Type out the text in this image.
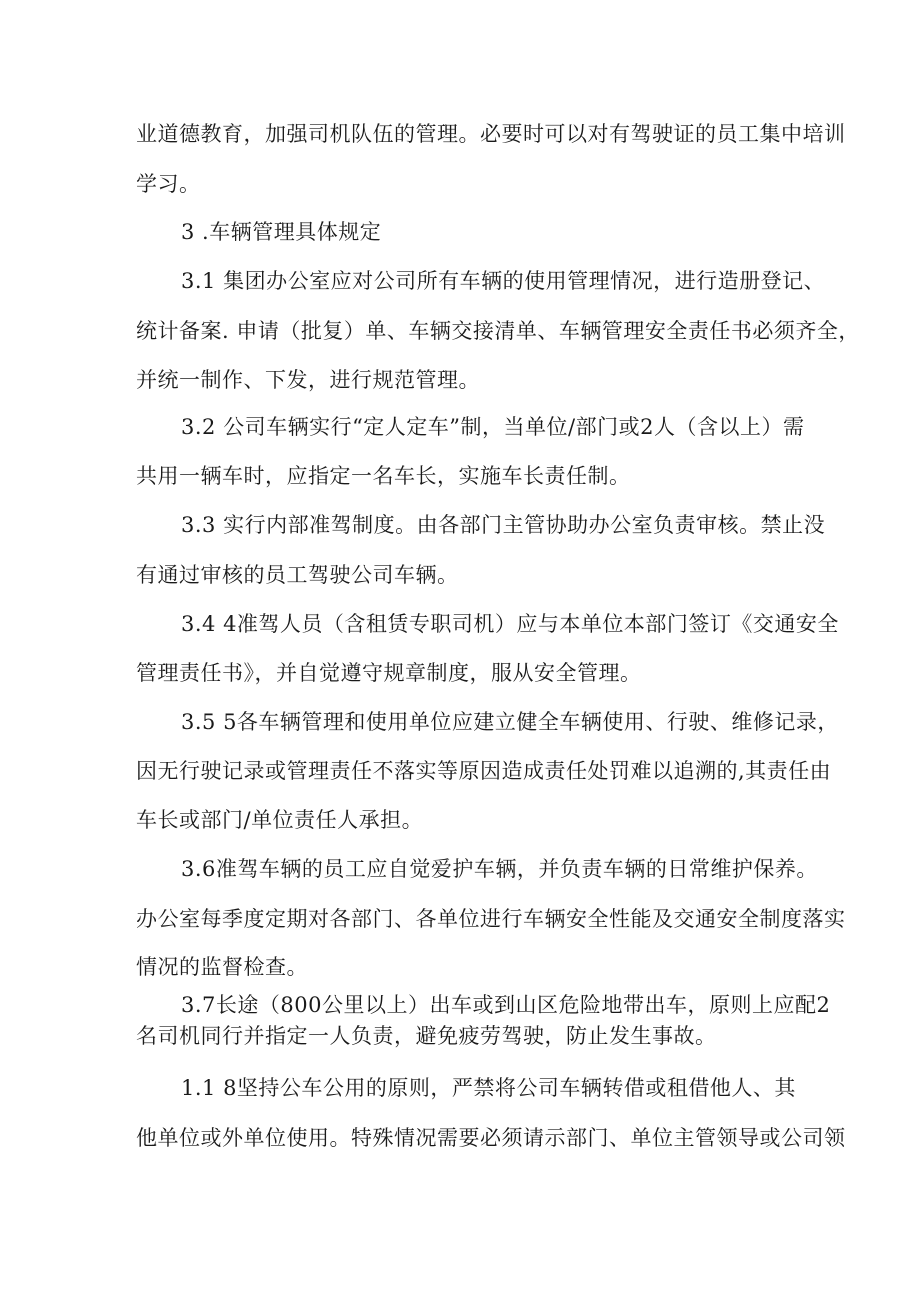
业道德教育，加强司机队伍的管理。必要时可以对有驾驶证的员工集中培训
学习。
3 .车辆管理具体规定
3.1 集团办公室应对公司所有车辆的使用管理情况，进行造册登记、
统计备案. 申请（批复）单、车辆交接清单、车辆管理安全责任书必须齐全，
并统一制作、下发，进行规范管理。
3.2 公司车辆实行“定人定车”制，当单位/部门或2人（含以上）需
共用一辆车时，应指定一名车长，实施车长责任制。
3.3 实行内部准驾制度。由各部门主管协助办公室负责审核。禁止没
有通过审核的员工驾驶公司车辆。
3.4 4准驾人员（含租赁专职司机）应与本单位本部门签订《交通安全
管理责任书》，并自觉遵守规章制度，服从安全管理。
3.5 5各车辆管理和使用单位应建立健全车辆使用、行驶、维修记录，
因无行驶记录或管理责任不落实等原因造成责任处罚难以追溯的,其责任由
车长或部门/单位责任人承担。
3.6准驾车辆的员工应自觉爱护车辆，并负责车辆的日常维护保养。
办公室每季度定期对各部门、各单位进行车辆安全性能及交通安全制度落实
情况的监督检查。
3.7长途（800公里以上）出车或到山区危险地带出车，原则上应配2
名司机同行并指定一人负责，避免疲劳驾驶，防止发生事故。
1.1 8坚持公车公用的原则，严禁将公司车辆转借或租借他人、其
他单位或外单位使用。特殊情况需要必须请示部门、单位主管领导或公司领
